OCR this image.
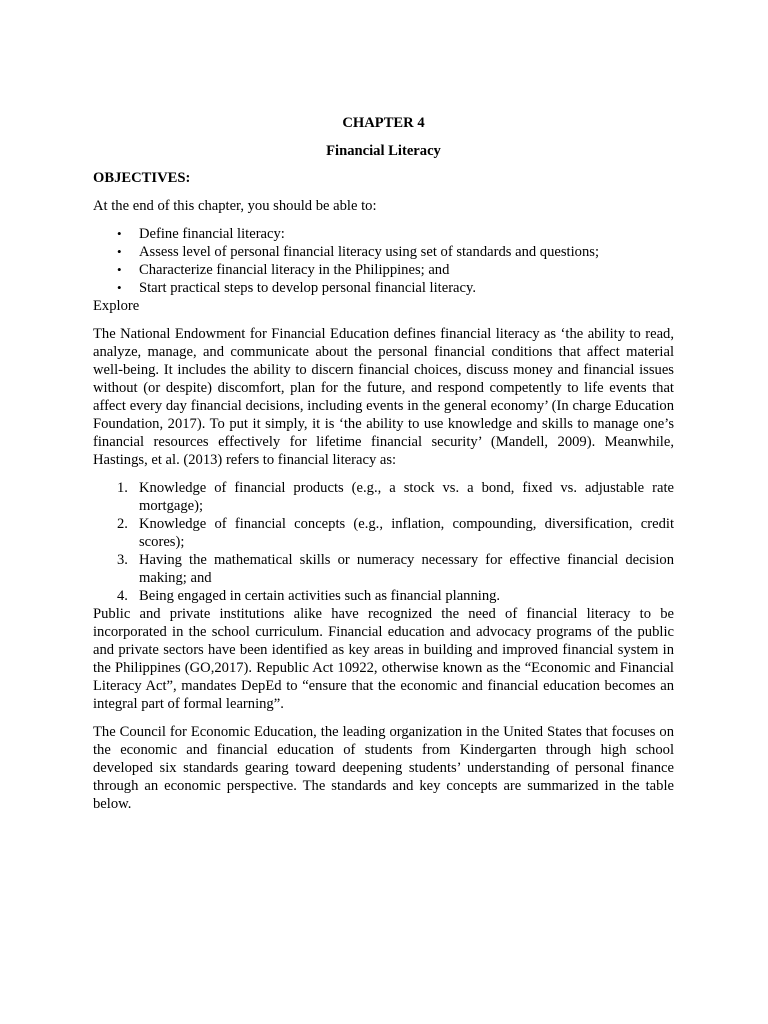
CHAPTER 4
Financial Literacy
OBJECTIVES:

At the end of this chapter, you should be able to:

• Define financial literacy:
• Assess level of personal financial literacy using set of standards and questions;
• Characterize financial literacy in the Philippines; and
• Start practical steps to develop personal financial literacy.
Explore

The National Endowment for Financial Education defines financial literacy as ‘the ability to read, analyze, manage, and communicate about the personal financial conditions that affect material well-being. It includes the ability to discern financial choices, discuss money and financial issues without (or despite) discomfort, plan for the future, and respond competently to life events that affect every day financial decisions, including events in the general economy’ (In charge Education Foundation, 2017). To put it simply, it is ‘the ability to use knowledge and skills to manage one’s financial resources effectively for lifetime financial security’ (Mandell, 2009). Meanwhile, Hastings, et al. (2013) refers to financial literacy as:

1. Knowledge of financial products (e.g., a stock vs. a bond, fixed vs. adjustable rate mortgage);
2. Knowledge of financial concepts (e.g., inflation, compounding, diversification, credit scores);
3. Having the mathematical skills or numeracy necessary for effective financial decision making; and
4. Being engaged in certain activities such as financial planning.

Public and private institutions alike have recognized the need of financial literacy to be incorporated in the school curriculum. Financial education and advocacy programs of the public and private sectors have been identified as key areas in building and improved financial system in the Philippines (GO,2017). Republic Act 10922, otherwise known as the “Economic and Financial Literacy Act”, mandates DepEd to “ensure that the economic and financial education becomes an integral part of formal learning”.

The Council for Economic Education, the leading organization in the United States that focuses on the economic and financial education of students from Kindergarten through high school developed six standards gearing toward deepening students’ understanding of personal finance through an economic perspective. The standards and key concepts are summarized in the table below.
